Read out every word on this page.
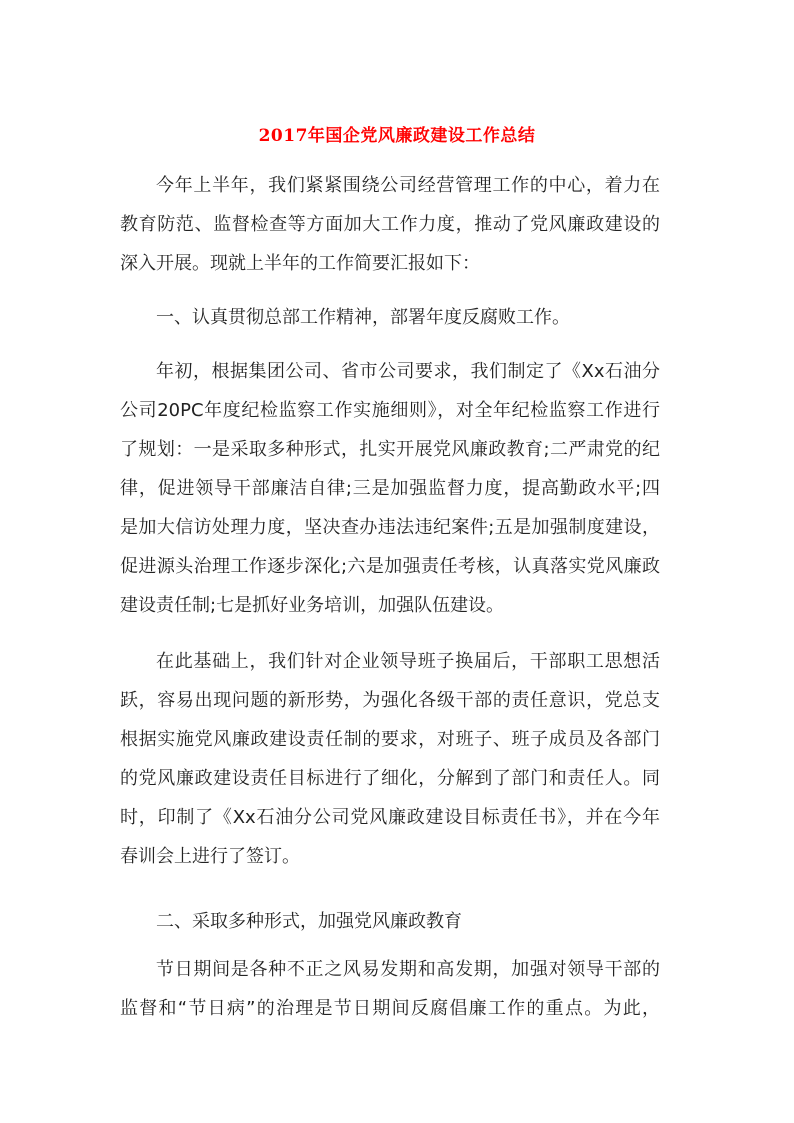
2017年国企党风廉政建设工作总结
今年上半年，我们紧紧围绕公司经营管理工作的中心，着力在
教育防范、监督检查等方面加大工作力度，推动了党风廉政建设的
深入开展。现就上半年的工作简要汇报如下：
一、认真贯彻总部工作精神，部署年度反腐败工作。
年初，根据集团公司、省市公司要求，我们制定了《Xx石油分
公司20PC年度纪检监察工作实施细则》，对全年纪检监察工作进行
了规划：一是采取多种形式，扎实开展党风廉政教育;二严肃党的纪
律，促进领导干部廉洁自律;三是加强监督力度，提高勤政水平;四
是加大信访处理力度，坚决查办违法违纪案件;五是加强制度建设，
促进源头治理工作逐步深化;六是加强责任考核，认真落实党风廉政
建设责任制;七是抓好业务培训，加强队伍建设。
在此基础上，我们针对企业领导班子换届后，干部职工思想活
跃，容易出现问题的新形势，为强化各级干部的责任意识，党总支
根据实施党风廉政建设责任制的要求，对班子、班子成员及各部门
的党风廉政建设责任目标进行了细化，分解到了部门和责任人。同
时，印制了《Xx石油分公司党风廉政建设目标责任书》，并在今年
春训会上进行了签订。
二、采取多种形式，加强党风廉政教育
节日期间是各种不正之风易发期和高发期，加强对领导干部的
监督和“节日病”的治理是节日期间反腐倡廉工作的重点。为此，
